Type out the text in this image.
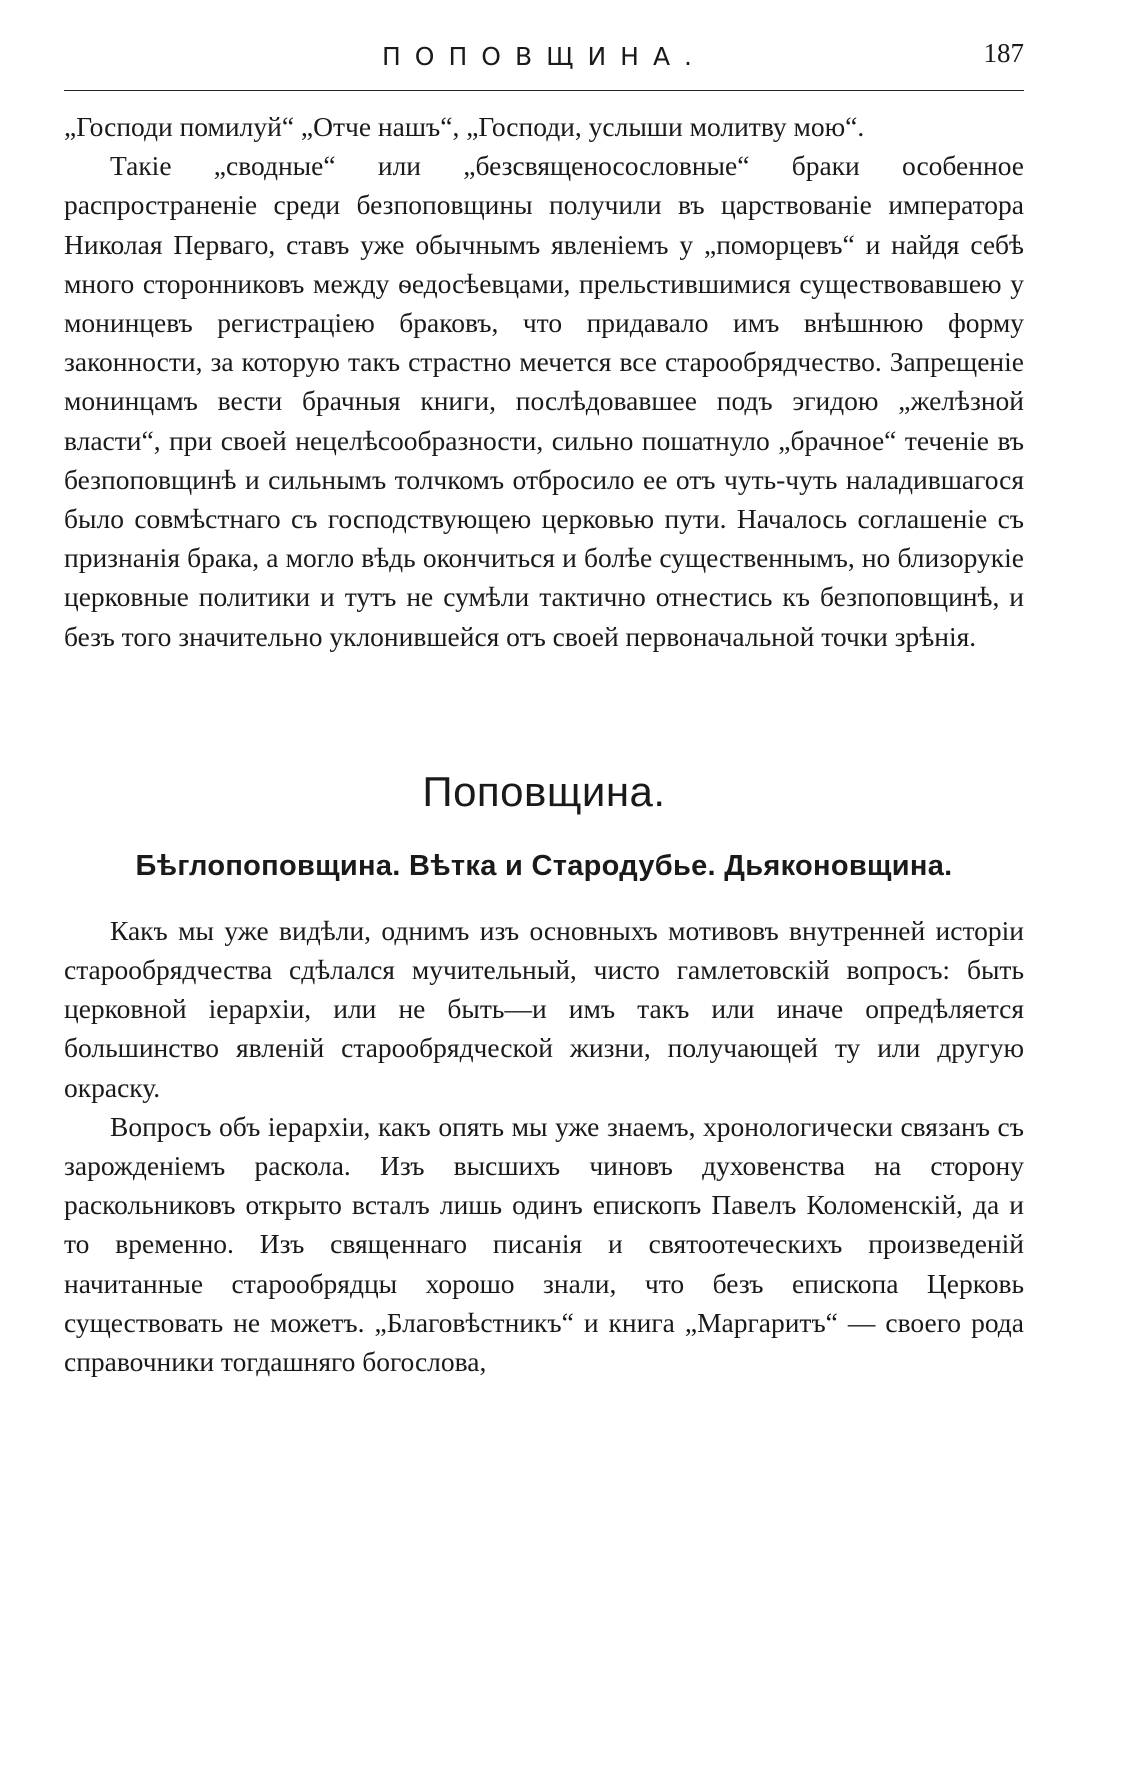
ПОПОВЩИНА.	187

„Господи помилуй“ „Отче нашъ“, „Господи, услыши молитву мою“.

Такіе „сводные“ или „безсвященосословные“ браки особенное распространеніе среди безпоповщины получили въ царствованіе императора Николая Перваго, ставъ уже обычнымъ явленіемъ у „поморцевъ“ и найдя себѣ много сторонниковъ между ѳедосѣевцами, прельстившимися существовавшею у монинцевъ регистраціею браковъ, что придавало имъ внѣшнюю форму законности, за которую такъ страстно мечется все старообрядчество. Запрещеніе монинцамъ вести брачныя книги, послѣдовавшее подъ эгидою „желѣзной власти“, при своей нецелѣсообразности, сильно пошатнуло „брачное“ теченіе въ безпоповщинѣ и сильнымъ толчкомъ отбросило ее отъ чуть-чуть наладившагося было совмѣстнаго съ господствующею церковью пути. Началось соглашеніе съ признанія брака, а могло вѣдь окончиться и болѣе существеннымъ, но близорукіе церковные политики и тутъ не сумѣли тактично отнестись къ безпоповщинѣ, и безъ того значительно уклонившейся отъ своей первоначальной точки зрѣнія.

Поповщина.
Бѣглопоповщина. Вѣтка и Стародубье. Дьяконовщина.

Какъ мы уже видѣли, однимъ изъ основныхъ мотивовъ внутренней исторіи старообрядчества сдѣлался мучительный, чисто гамлетовскій вопросъ: быть церковной іерархіи, или не быть—и имъ такъ или иначе опредѣляется большинство явленій старообрядческой жизни, получающей ту или другую окраску.

Вопросъ объ іерархіи, какъ опять мы уже знаемъ, хронологически связанъ съ зарожденіемъ раскола. Изъ высшихъ чиновъ духовенства на сторону раскольниковъ открыто всталъ лишь одинъ епископъ Павелъ Коломенскій, да и то временно. Изъ священнаго писанія и святоотеческихъ произведеній начитанные старообрядцы хорошо знали, что безъ епископа Церковь существовать не можетъ. „Благовѣстникъ“ и книга „Маргаритъ“ — своего рода справочники тогдашняго богослова,
